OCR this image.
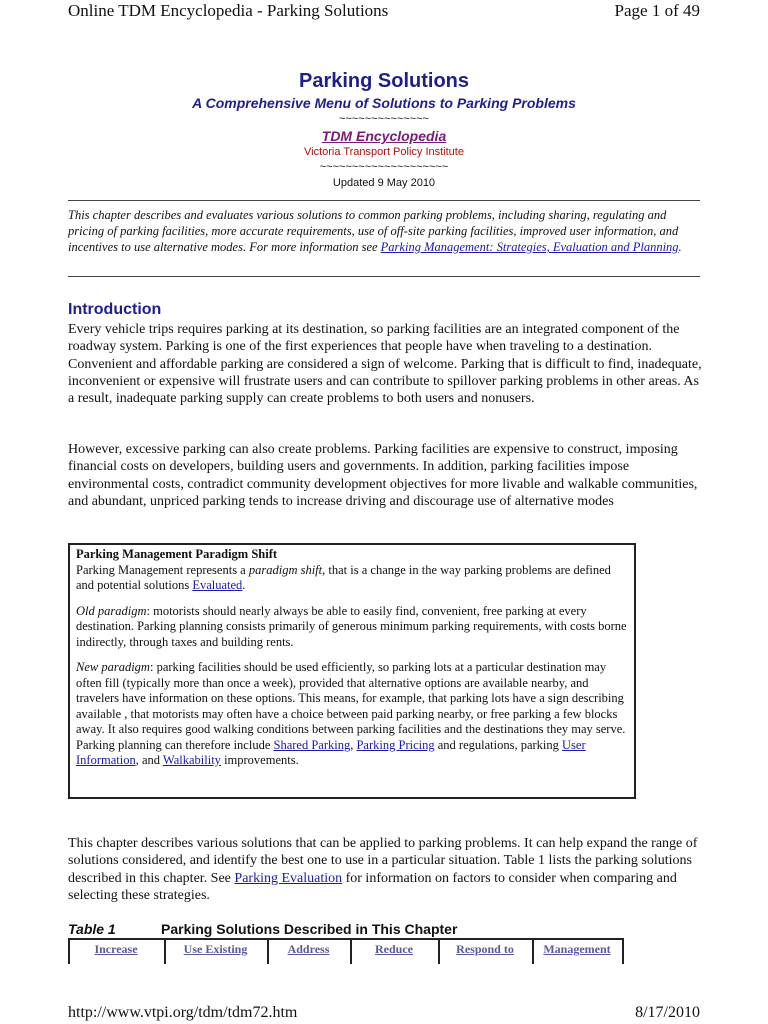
Online TDM Encyclopedia - Parking Solutions	Page 1 of 49
Parking Solutions
A Comprehensive Menu of Solutions to Parking Problems
~~~~~~~~~~~~~~
TDM Encyclopedia
Victoria Transport Policy Institute
~~~~~~~~~~~~~~~~~~~~
Updated 9 May 2010
This chapter describes and evaluates various solutions to common parking problems, including sharing, regulating and pricing of parking facilities, more accurate requirements, use of off-site parking facilities, improved user information, and incentives to use alternative modes. For more information see Parking Management: Strategies, Evaluation and Planning.
Introduction

Every vehicle trips requires parking at its destination, so parking facilities are an integrated component of the roadway system. Parking is one of the first experiences that people have when traveling to a destination. Convenient and affordable parking are considered a sign of welcome. Parking that is difficult to find, inadequate, inconvenient or expensive will frustrate users and can contribute to spillover parking problems in other areas. As a result, inadequate parking supply can create problems to both users and nonusers.

However, excessive parking can also create problems. Parking facilities are expensive to construct, imposing financial costs on developers, building users and governments. In addition, parking facilities impose environmental costs, contradict community development objectives for more livable and walkable communities, and abundant, unpriced parking tends to increase driving and discourage use of alternative modes

Parking Management Paradigm Shift

Parking Management represents a paradigm shift, that is a change in the way parking problems are defined and potential solutions Evaluated.

Old paradigm: motorists should nearly always be able to easily find, convenient, free parking at every destination. Parking planning consists primarily of generous minimum parking requirements, with costs borne indirectly, through taxes and building rents.

New paradigm: parking facilities should be used efficiently, so parking lots at a particular destination may often fill (typically more than once a week), provided that alternative options are available nearby, and travelers have information on these options. This means, for example, that parking lots have a sign describing available , that motorists may often have a choice between paid parking nearby, or free parking a few blocks away. It also requires good walking conditions between parking facilities and the destinations they may serve. Parking planning can therefore include Shared Parking, Parking Pricing and regulations, parking User Information, and Walkability improvements.

This chapter describes various solutions that can be applied to parking problems. It can help expand the range of solutions considered, and identify the best one to use in a particular situation. Table 1 lists the parking solutions described in this chapter. See Parking Evaluation for information on factors to consider when comparing and selecting these strategies.

Table 1	Parking Solutions Described in This Chapter
Increase	Use Existing	Address	Reduce	Respond to	Management
http://www.vtpi.org/tdm/tdm72.htm	8/17/2010
